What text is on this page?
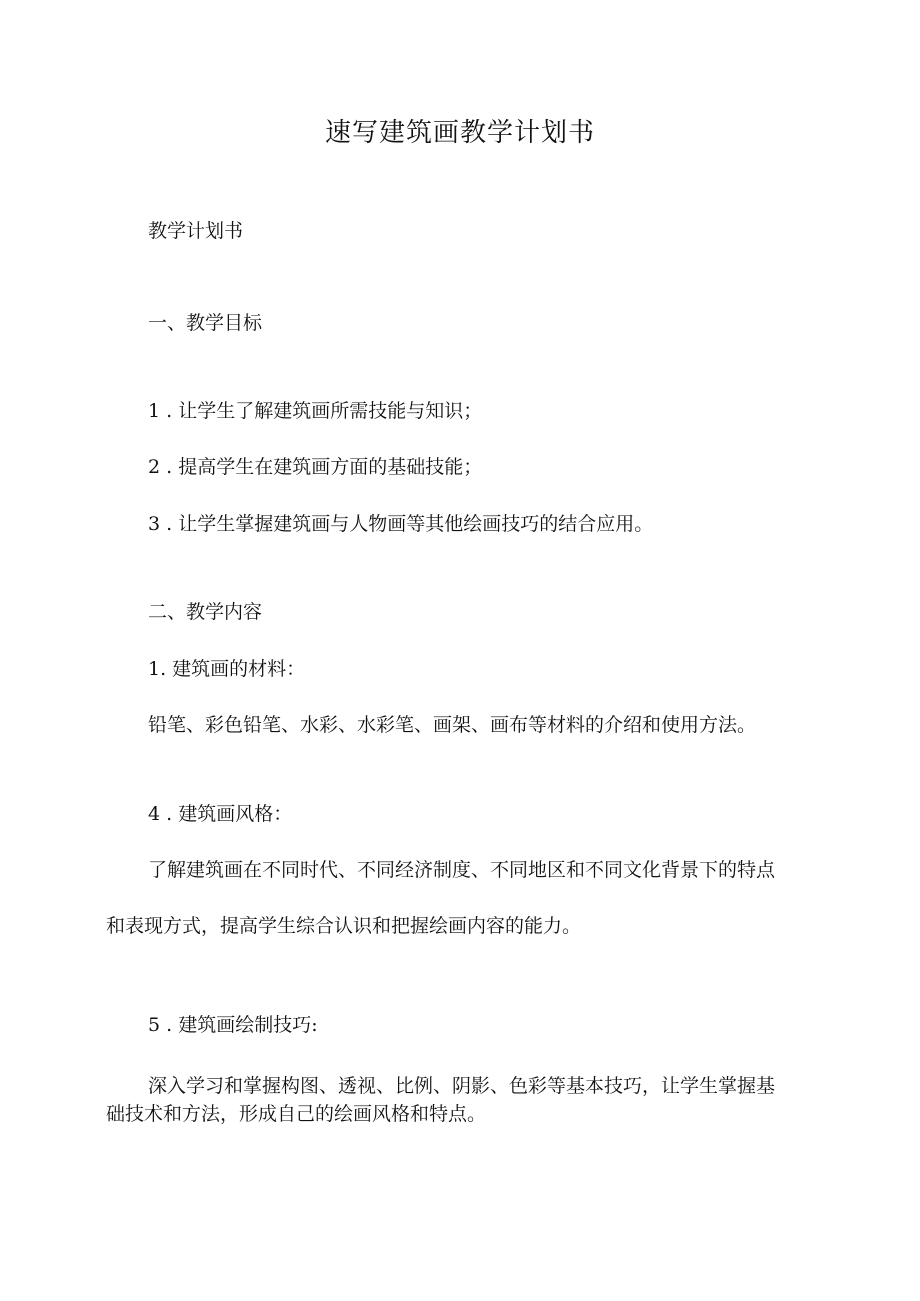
速写建筑画教学计划书
教学计划书
一、教学目标
1 . 让学生了解建筑画所需技能与知识；
2 . 提高学生在建筑画方面的基础技能；
3 . 让学生掌握建筑画与人物画等其他绘画技巧的结合应用。
二、教学内容
1. 建筑画的材料：
铅笔、彩色铅笔、水彩、水彩笔、画架、画布等材料的介绍和使用方法。
4 . 建筑画风格：
了解建筑画在不同时代、不同经济制度、不同地区和不同文化背景下的特点
和表现方式，提高学生综合认识和把握绘画内容的能力。
5 . 建筑画绘制技巧:
深入学习和掌握构图、透视、比例、阴影、色彩等基本技巧，让学生掌握基
础技术和方法，形成自己的绘画风格和特点。
